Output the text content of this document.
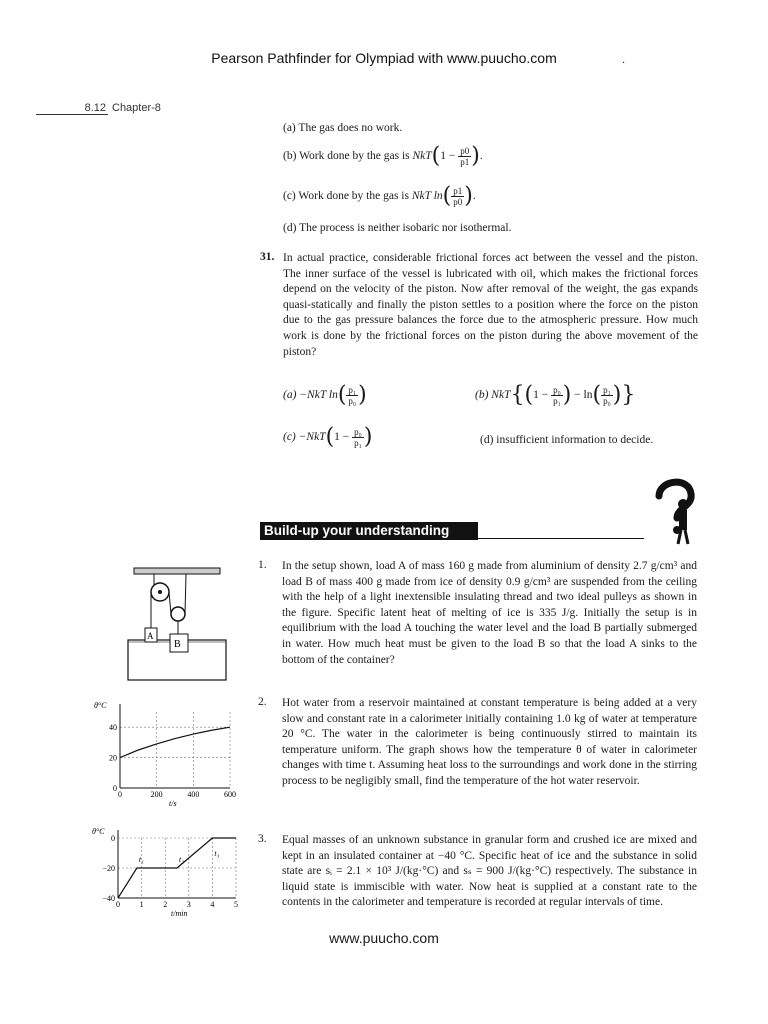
Pearson Pathfinder for Olympiad with www.puucho.com	.
8.12 Chapter-8
(a) The gas does no work.
(b) Work done by the gas is $NkT(1 - \frac{p0}{p1}$ ).
(c) Work done by the gas is NkT $\ln( \frac{p1}{p0}$ ).
(d) The process is neither isobaric nor isothermal.
31. In actual practice, considerable frictional forces act between the vessel and the piston. The inner surface of the vessel is lubricated with oil, which makes the frictional forces depend on the velocity of the piston. Now after removal of the weight, the gas expands quasi-statically and finally the piston settles to a position where the force on the piston due to the gas pressure balances the force due to the atmospheric pressure. How much work is done by the frictional forces on the piston during the above movement of the piston?
(a) −NkT $\ln( \frac{\text{p₁}}{\text{p₀}}$ )	(b) $NkT\{(1 - \frac{\text{p₀}}{\text{p₁}}$ ) − $\ln( \frac{\text{p₁}}{\text{p₀}}$ )}
$(c) -NkT(1 - \frac{\text{p₀}}{\text{p₁}}$ )	(d) insufficient information to decide.
Build-up your understanding
A
B
1. In the setup shown, load A of mass 160 g made from aluminium of density 2.7 g/cm³ and load B of mass 400 g made from ice of density 0.9 g/cm³ are suspended from the ceiling with the help of a light inextensible insulating thread and two ideal pulleys as shown in the figure. Specific latent heat of melting of ice is 335 J/g. Initially the setup is in equilibrium with the load A touching the water level and the load B partially submerged in water. How much heat must be given to the load B so that the load A sinks to the bottom of the container?
0	200	400	600
0
20
40
θ°C
t/s
2. Hot water from a reservoir maintained at constant temperature is being added at a very slow and constant rate in a calorimeter initially containing 1.0 kg of water at temperature 20 °C. The water in the calorimeter is being continuously stirred to maintain its temperature uniform. The graph shows how the temperature θ of water in calorimeter changes with time t. Assuming heat loss to the surroundings and work done in the stirring process to be negligibly small, find the temperature of the hot water reservoir.
0 1 2 3 4 5
0
−20
−40
θ°C
t/min
t₁	t₂
t₃
3. Equal masses of an unknown substance in granular form and crushed ice are mixed and kept in an insulated container at −40 °C. Specific heat of ice and the substance in solid state are sᵢ = 2.1 × 10³ J/(kg·°C) and sₛ = 900 J/(kg·°C) respectively. The substance in liquid state is immiscible with water. Now heat is supplied at a constant rate to the contents in the calorimeter and temperature is recorded at regular intervals of time.
www.puucho.com
